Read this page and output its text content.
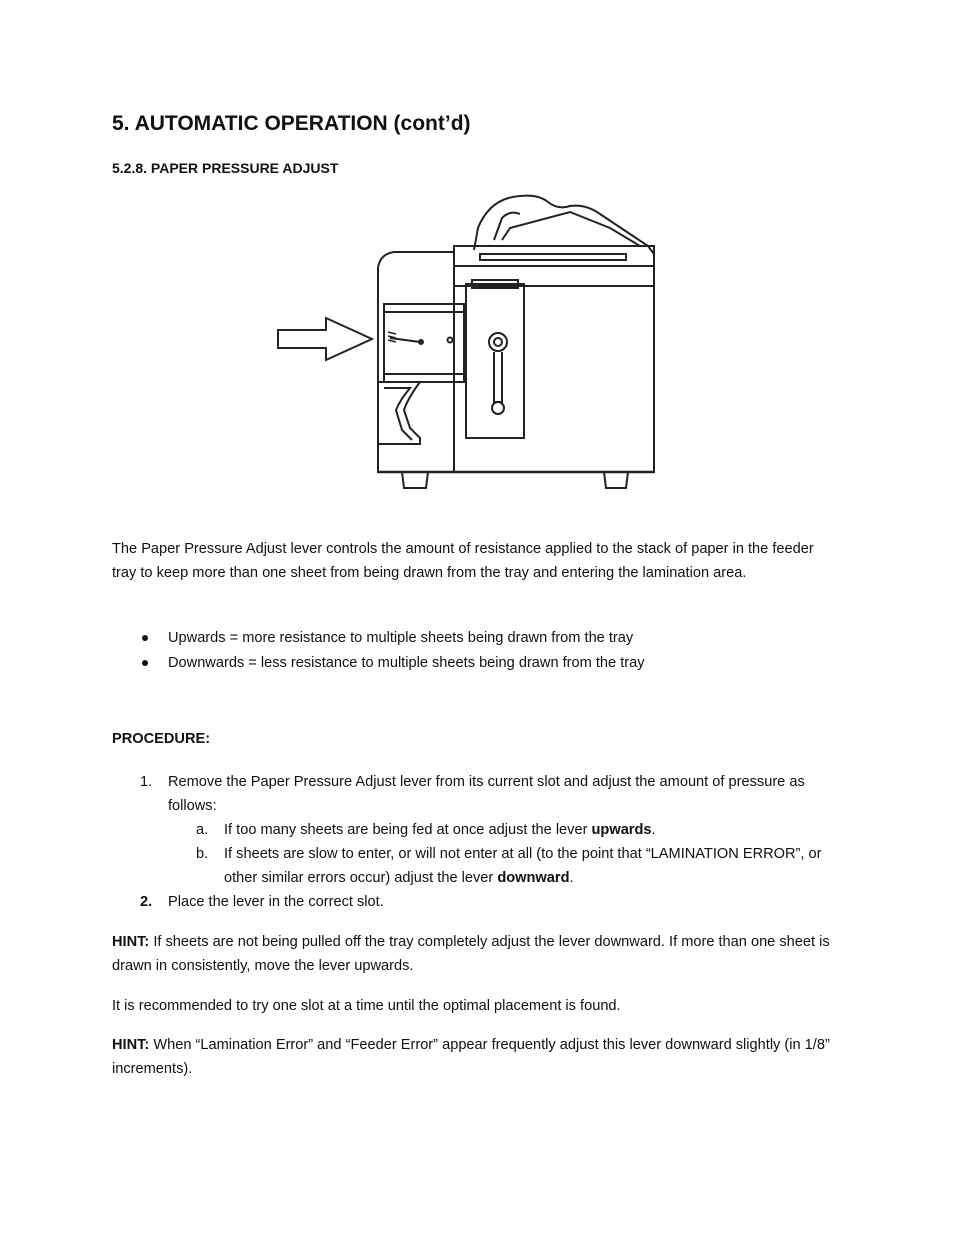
5. AUTOMATIC OPERATION (cont’d)
5.2.8. PAPER PRESSURE ADJUST

The Paper Pressure Adjust lever controls the amount of resistance applied to the stack of paper in the feeder tray to keep more than one sheet from being drawn from the tray and entering the lamination area.

Upwards = more resistance to multiple sheets being drawn from the tray
Downwards = less resistance to multiple sheets being drawn from the tray

PROCEDURE:

1. Remove the Paper Pressure Adjust lever from its current slot and adjust the amount of pressure as follows:
a. If too many sheets are being fed at once adjust the lever upwards.
b. If sheets are slow to enter, or will not enter at all (to the point that “LAMINATION ERROR”, or other similar errors occur) adjust the lever downward.
2. Place the lever in the correct slot.

HINT: If sheets are not being pulled off the tray completely adjust the lever downward. If more than one sheet is drawn in consistently, move the lever upwards.

It is recommended to try one slot at a time until the optimal placement is found.

HINT: When “Lamination Error” and “Feeder Error” appear frequently adjust this lever downward slightly (in 1/8” increments).
